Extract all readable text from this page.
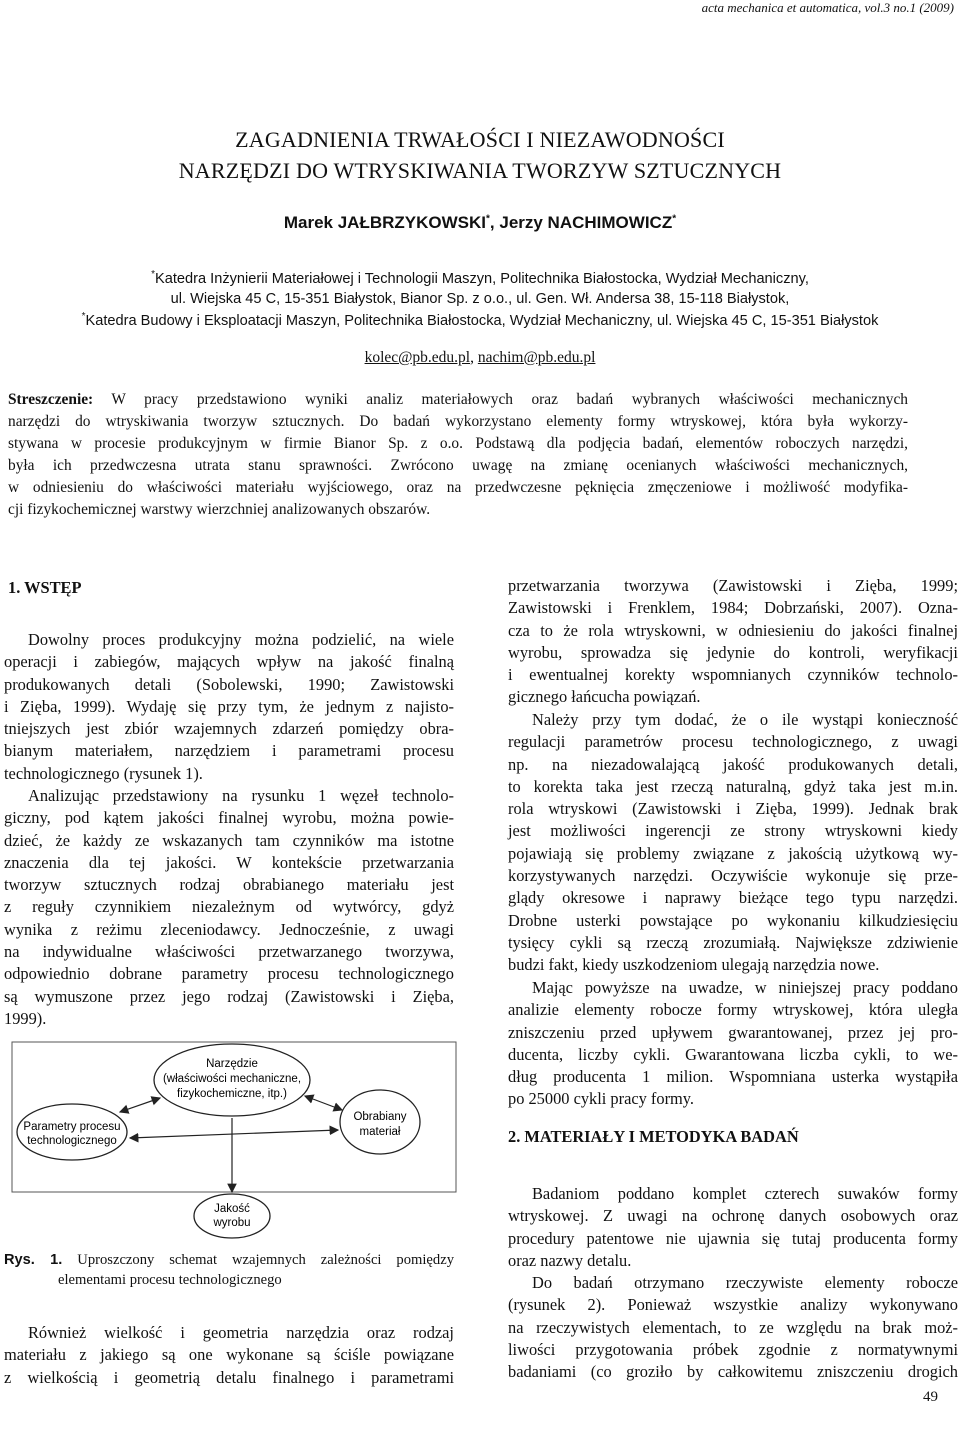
acta mechanica et automatica, vol.3 no.1 (2009)
ZAGADNIENIA TRWAŁOŚCI I NIEZAWODNOŚCI
NARZĘDZI DO WTRYSKIWANIA TWORZYW SZTUCZNYCH
Marek JAŁBRZYKOWSKI*, Jerzy NACHIMOWICZ*
*Katedra Inżynierii Materiałowej i Technologii Maszyn, Politechnika Białostocka, Wydział Mechaniczny,
ul. Wiejska 45 C, 15-351 Białystok, Bianor Sp. z o.o., ul. Gen. Wł. Andersa 38, 15-118 Białystok,
*Katedra Budowy i Eksploatacji Maszyn, Politechnika Białostocka, Wydział Mechaniczny, ul. Wiejska 45 C, 15-351 Białystok
kolec@pb.edu.pl, nachim@pb.edu.pl
Streszczenie: W pracy przedstawiono wyniki analiz materiałowych oraz badań wybranych właściwości mechanicznych
narzędzi do wtryskiwania tworzyw sztucznych. Do badań wykorzystano elementy formy wtryskowej, która była wykorzy-
stywana w procesie produkcyjnym w firmie Bianor Sp. z o.o. Podstawą dla podjęcia badań, elementów roboczych narzędzi,
była ich przedwczesna utrata stanu sprawności. Zwrócono uwagę na zmianę ocenianych właściwości mechanicznych,
w odniesieniu do właściwości materiału wyjściowego, oraz na przedwczesne pęknięcia zmęczeniowe i możliwość modyfika-
cji fizykochemicznej warstwy wierzchniej analizowanych obszarów.
1. WSTĘP
Dowolny proces produkcyjny można podzielić, na wiele
operacji i zabiegów, mających wpływ na jakość finalną
produkowanych detali (Sobolewski, 1990; Zawistowski
i Zięba, 1999). Wydaję się przy tym, że jednym z najisto-
tniejszych jest zbiór wzajemnych zdarzeń pomiędzy obra-
bianym materiałem, narzędziem i parametrami procesu
technologicznego (rysunek 1).
Analizując przedstawiony na rysunku 1 węzeł technolo-
giczny, pod kątem jakości finalnej wyrobu, można powie-
dzieć, że każdy ze wskazanych tam czynników ma istotne
znaczenia dla tej jakości. W kontekście przetwarzania
tworzyw sztucznych rodzaj obrabianego materiału jest
z reguły czynnikiem niezależnym od wytwórcy, gdyż
wynika z reżimu zleceniodawcy. Jednocześnie, z uwagi
na indywidualne właściwości przetwarzanego tworzywa,
odpowiednio dobrane parametry procesu technologicznego
są wymuszone przez jego rodzaj (Zawistowski i Zięba,
1999).
Narzędzie
(właściwości mechaniczne,
fizykochemiczne, itp.)
Parametry procesu
technologicznego
Obrabiany
materiał
Jakość
wyrobu
Rys. 1. Uproszczony schemat wzajemnych zależności pomiędzy
elementami procesu technologicznego
Również wielkość i geometria narzędzia oraz rodzaj
materiału z jakiego są one wykonane są ściśle powiązane
z wielkością i geometrią detalu finalnego i parametrami
przetwarzania tworzywa (Zawistowski i Zięba, 1999;
Zawistowski i Frenklem, 1984; Dobrzański, 2007). Ozna-
cza to że rola wtryskowni, w odniesieniu do jakości finalnej
wyrobu, sprowadza się jedynie do kontroli, weryfikacji
i ewentualnej korekty wspomnianych czynników technolo-
gicznego łańcucha powiązań.
Należy przy tym dodać, że o ile wystąpi konieczność
regulacji parametrów procesu technologicznego, z uwagi
np. na niezadowalającą jakość produkowanych detali,
to korekta taka jest rzeczą naturalną, gdyż taka jest m.in.
rola wtryskowi (Zawistowski i Zięba, 1999). Jednak brak
jest możliwości ingerencji ze strony wtryskowni kiedy
pojawiają się problemy związane z jakością użytkową wy-
korzystywanych narzędzi. Oczywiście wykonuje się prze-
glądy okresowe i naprawy bieżące tego typu narzędzi.
Drobne usterki powstające po wykonaniu kilkudziesięciu
tysięcy cykli są rzeczą zrozumiałą. Największe zdziwienie
budzi fakt, kiedy uszkodzeniom ulegają narzędzia nowe.
Mając powyższe na uwadze, w niniejszej pracy poddano
analizie elementy robocze formy wtryskowej, która uległa
zniszczeniu przed upływem gwarantowanej, przez jej pro-
ducenta, liczby cykli. Gwarantowana liczba cykli, to we-
dług producenta 1 milion. Wspomniana usterka wystąpiła
po 25000 cykli pracy formy.
2. MATERIAŁY I METODYKA BADAŃ
Badaniom poddano komplet czterech suwaków formy
wtryskowej. Z uwagi na ochronę danych osobowych oraz
procedury patentowe nie ujawnia się tutaj producenta formy
oraz nazwy detalu.
Do badań otrzymano rzeczywiste elementy robocze
(rysunek 2). Ponieważ wszystkie analizy wykonywano
na rzeczywistych elementach, to ze względu na brak moż-
liwości przygotowania próbek zgodnie z normatywnymi
badaniami (co groziło by całkowitemu zniszczeniu drogich
49
